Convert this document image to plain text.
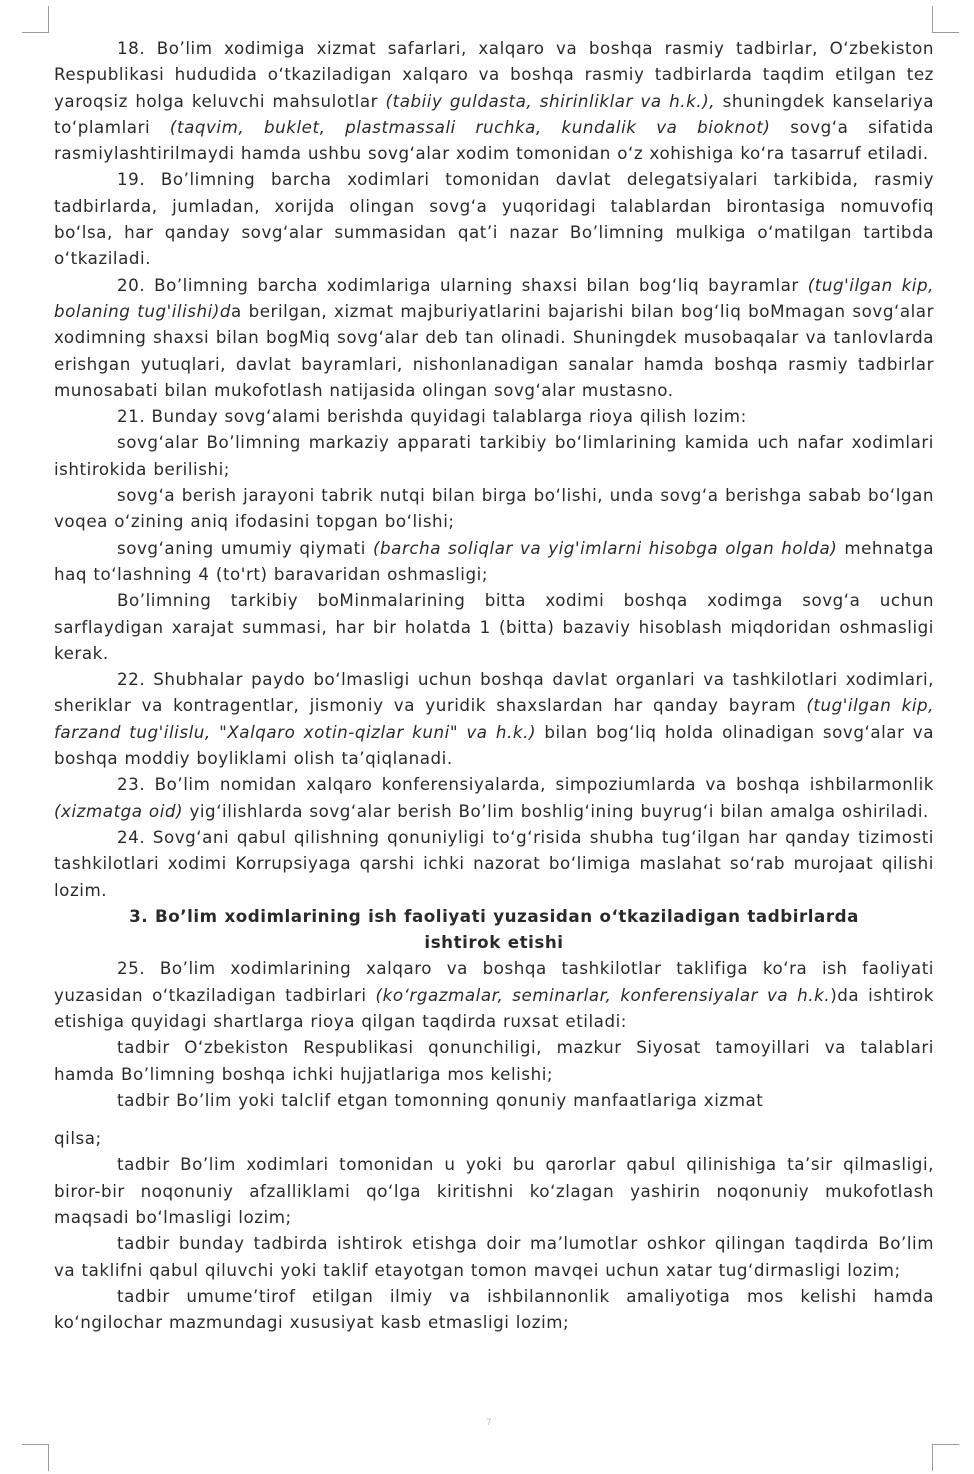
18. Bo’lim xodimiga xizmat safarlari, xalqaro va boshqa rasmiy tadbirlar, O‘zbekiston Respublikasi hududida o‘tkaziladigan xalqaro va boshqa rasmiy tadbirlarda taqdim etilgan tez yaroqsiz holga keluvchi mahsulotlar (tabiiy guldasta, shirinliklar va h.k.), shuningdek kanselariya to‘plamlari (taqvim, buklet, plastmassali ruchka, kundalik va bioknot) sovg‘a sifatida rasmiylashtirilmaydi hamda ushbu sovg‘alar xodim tomonidan o‘z xohishiga ko‘ra tasarruf etiladi.

19. Bo’limning barcha xodimlari tomonidan davlat delegatsiyalari tarkibida, rasmiy tadbirlarda, jumladan, xorijda olingan sovg‘a yuqoridagi talablardan birontasiga nomuvofiq bo‘lsa, har qanday sovg‘alar summasidan qat’i nazar Bo’limning mulkiga o‘matilgan tartibda o‘tkaziladi.

20. Bo’limning barcha xodimlariga ularning shaxsi bilan bog‘liq bayramlar (tug'ilgan kip, bolaning tug'ilishi)da berilgan, xizmat majburiyatlarini bajarishi bilan bog‘liq boMmagan sovg‘alar xodimning shaxsi bilan bogMiq sovg‘alar deb tan olinadi. Shuningdek musobaqalar va tanlovlarda erishgan yutuqlari, davlat bayramlari, nishonlanadigan sanalar hamda boshqa rasmiy tadbirlar munosabati bilan mukofotlash natijasida olingan sovg‘alar mustasno.

21. Bunday sovg‘alami berishda quyidagi talablarga rioya qilish lozim:

sovg‘alar Bo’limning markaziy apparati tarkibiy bo‘limlarining kamida uch nafar xodimlari ishtirokida berilishi;

sovg‘a berish jarayoni tabrik nutqi bilan birga bo‘lishi, unda sovg‘a berishga sabab bo‘lgan voqea o‘zining aniq ifodasini topgan bo‘lishi;

sovg‘aning umumiy qiymati (barcha soliqlar va yig'imlarni hisobga olgan holda) mehnatga haq to‘lashning 4 (to'rt) baravaridan oshmasligi;

Bo’limning tarkibiy boMinmalarining bitta xodimi boshqa xodimga sovg‘a uchun sarflaydigan xarajat summasi, har bir holatda 1 (bitta) bazaviy hisoblash miqdoridan oshmasligi kerak.

22. Shubhalar paydo bo‘lmasligi uchun boshqa davlat organlari va tashkilotlari xodimlari, sheriklar va kontragentlar, jismoniy va yuridik shaxslardan har qanday bayram (tug'ilgan kip, farzand tug'ilislu, "Xalqaro xotin-qizlar kuni" va h.k.) bilan bog‘liq holda olinadigan sovg‘alar va boshqa moddiy boyliklami olish ta’qiqlanadi.

23. Bo’lim nomidan xalqaro konferensiyalarda, simpoziumlarda va boshqa ishbilarmonlik (xizmatga oid) yig‘ilishlarda sovg‘alar berish Bo’lim boshlig‘ining buyrug‘i bilan amalga oshiriladi.

24. Sovg‘ani qabul qilishning qonuniyligi to‘g‘risida shubha tug‘ilgan har qanday tizimosti tashkilotlari xodimi Korrupsiyaga qarshi ichki nazorat bo‘limiga maslahat so‘rab murojaat qilishi lozim.

3. Bo’lim xodimlarining ish faoliyati yuzasidan o‘tkaziladigan tadbirlarda

ishtirok etishi

25. Bo’lim xodimlarining xalqaro va boshqa tashkilotlar taklifiga ko‘ra ish faoliyati yuzasidan o‘tkaziladigan tadbirlari (ko‘rgazmalar, seminarlar, konferensiyalar va h.k.)da ishtirok etishiga quyidagi shartlarga rioya qilgan taqdirda ruxsat etiladi:

tadbir O‘zbekiston Respublikasi qonunchiligi, mazkur Siyosat tamoyillari va talablari hamda Bo’limning boshqa ichki hujjatlariga mos kelishi;

tadbir Bo’lim yoki talclif etgan tomonning qonuniy manfaatlariga xizmat

qilsa;

tadbir Bo’lim xodimlari tomonidan u yoki bu qarorlar qabul qilinishiga ta’sir qilmasligi, biror-bir noqonuniy afzalliklami qo‘lga kiritishni ko‘zlagan yashirin noqonuniy mukofotlash maqsadi bo‘lmasligi lozim;

tadbir bunday tadbirda ishtirok etishga doir ma’lumotlar oshkor qilingan taqdirda Bo’lim va taklifni qabul qiluvchi yoki taklif etayotgan tomon mavqei uchun xatar tug‘dirmasligi lozim;

tadbir umume’tirof etilgan ilmiy va ishbilannonlik amaliyotiga mos kelishi hamda ko‘ngilochar mazmundagi xususiyat kasb etmasligi lozim;

7
